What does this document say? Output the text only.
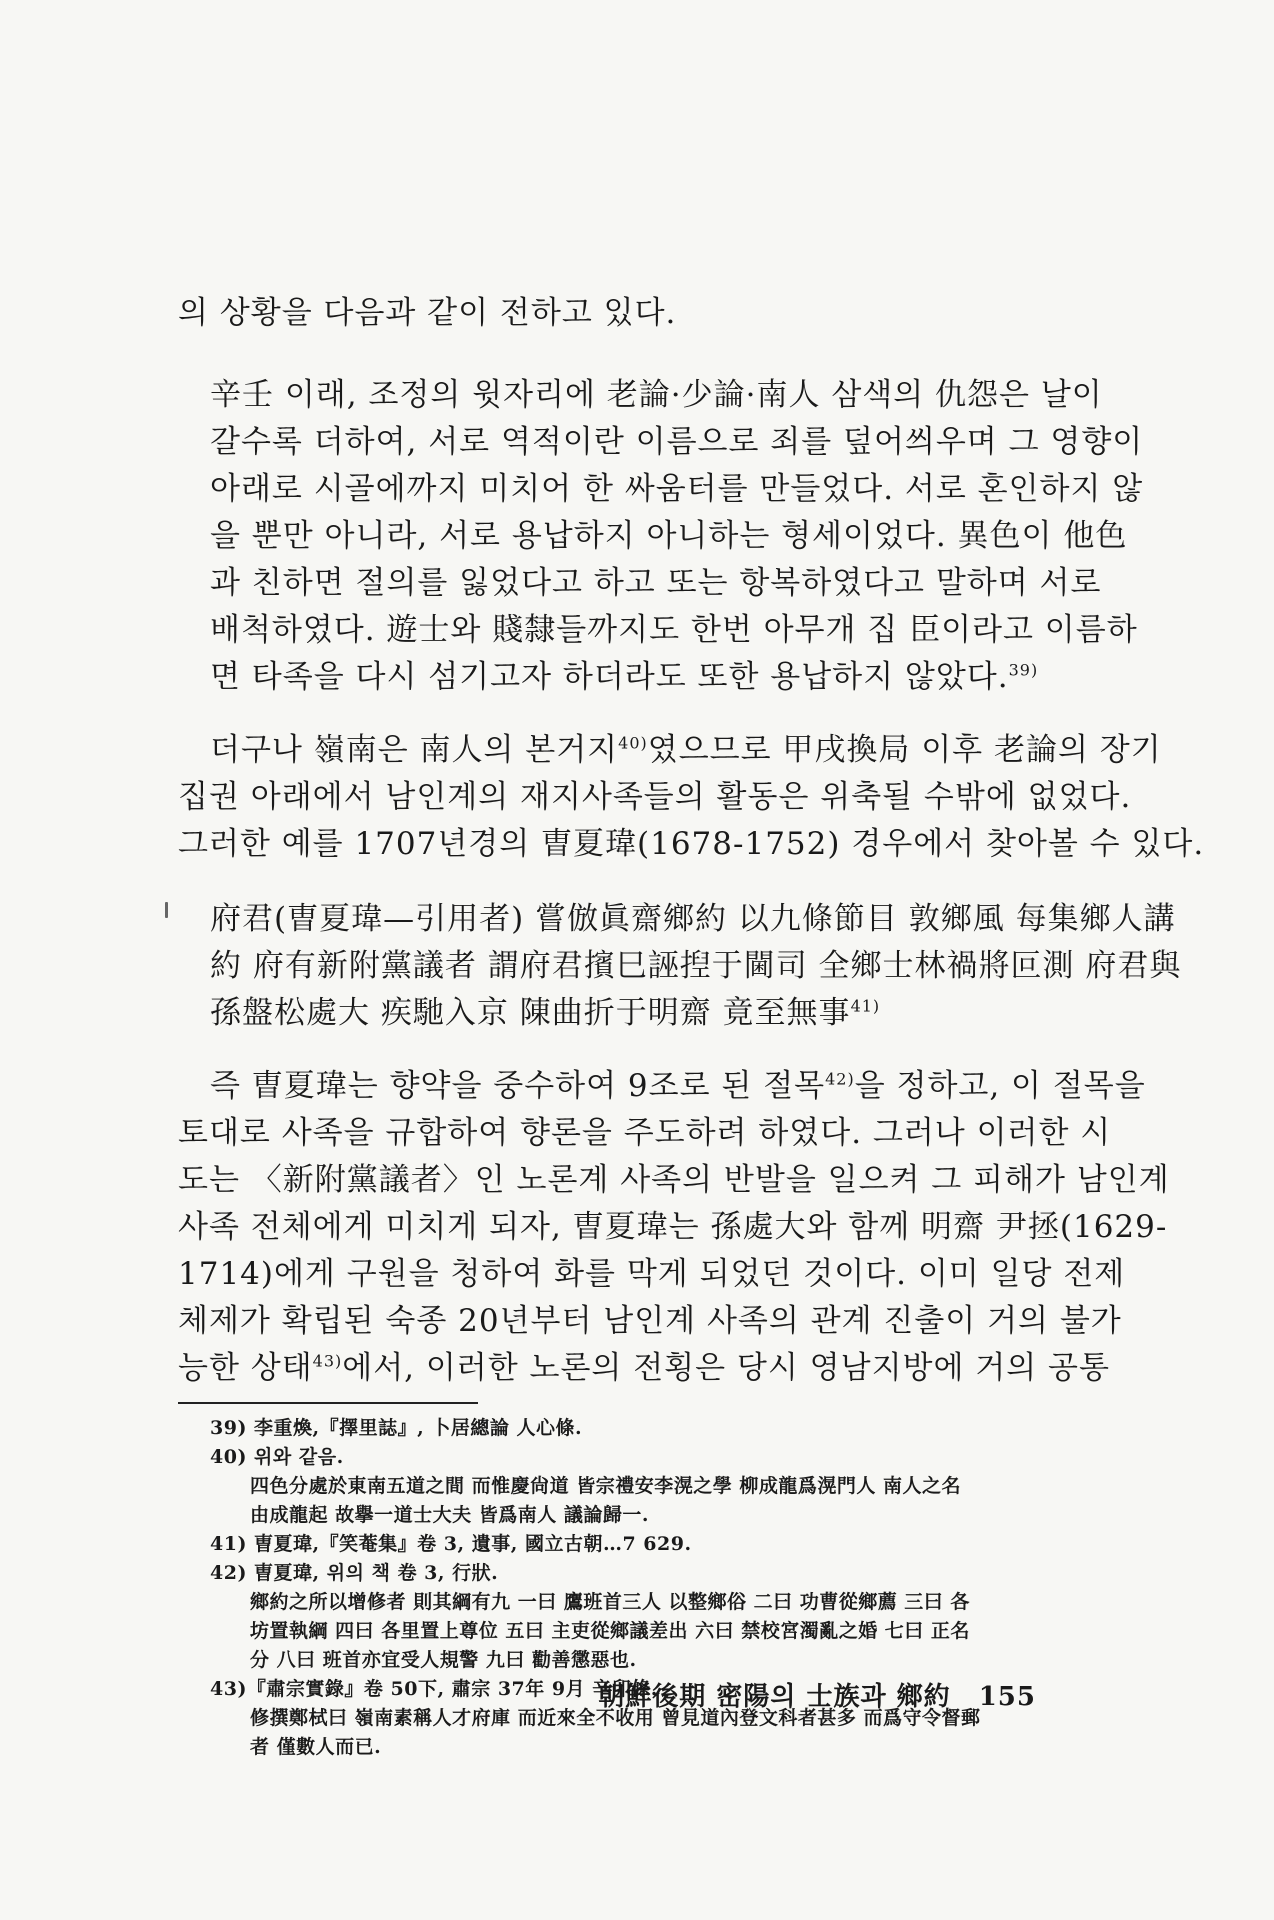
의 상황을 다음과 같이 전하고 있다.
辛壬 이래, 조정의 윗자리에 老論·少論·南人 삼색의 仇怨은 날이
갈수록 더하여, 서로 역적이란 이름으로 죄를 덮어씌우며 그 영향이
아래로 시골에까지 미치어 한 싸움터를 만들었다. 서로 혼인하지 않
을 뿐만 아니라, 서로 용납하지 아니하는 형세이었다. 異色이 他色
과 친하면 절의를 잃었다고 하고 또는 항복하였다고 말하며 서로
배척하였다. 遊士와 賤隸들까지도 한번 아무개 집 臣이라고 이름하
면 타족을 다시 섬기고자 하더라도 또한 용납하지 않았다.$^{39)}$
더구나 嶺南은 南人의 본거지$^{40)}$였으므로 甲戌換局 이후 老論의 장기
집권 아래에서 남인계의 재지사족들의 활동은 위축될 수밖에 없었다.
그러한 예를 1707년경의 曺夏瑋(1678-1752) 경우에서 찾아볼 수 있다.
府君(曺夏瑋—引用者) 嘗倣眞齋鄉約 以九條節目 敦鄉風 每集鄉人講
約 府有新附黨議者 謂府君擯巳誣揑于閫司 全鄉士林禍將叵測 府君與
孫盤松處大 疾馳入京 陳曲折于明齋 竟至無事$^{41)}$
즉 曺夏瑋는 향약을 중수하여 9조로 된 절목$^{42)}$을 정하고, 이 절목을
토대로 사족을 규합하여 향론을 주도하려 하였다. 그러나 이러한 시
도는 〈新附黨議者〉인 노론계 사족의 반발을 일으켜 그 피해가 남인계
사족 전체에게 미치게 되자, 曺夏瑋는 孫處大와 함께 明齋 尹拯(1629-
1714)에게 구원을 청하여 화를 막게 되었던 것이다. 이미 일당 전제
체제가 확립된 숙종 20년부터 남인계 사족의 관계 진출이 거의 불가
능한 상태$^{43)}$에서, 이러한 노론의 전횡은 당시 영남지방에 거의 공통
39) 李重煥,『擇里誌』, 卜居總論 人心條.
40) 위와 같음.
四色分處於東南五道之間 而惟慶尙道 皆宗禮安李滉之學 柳成龍爲滉門人 南人之名
由成龍起 故擧一道士大夫 皆爲南人 議論歸一.
41) 曺夏瑋,『笑菴集』卷 3, 遺事, 國立古朝…7 629.
42) 曺夏瑋, 위의 책 卷 3, 行狀.
鄉約之所以增修者 則其綱有九 一曰 鷹班首三人 以整鄉俗 二曰 功曹從鄉薦 三曰 各
坊置執綱 四曰 各里置上尊位 五曰 主吏從鄉議差出 六曰 禁校宮濁亂之婚 七曰 正名
分 八曰 班首亦宜受人規警 九曰 勸善懲惡也.
43)『肅宗實錄』卷 50下, 肅宗 37年 9月 辛卯條.
修撰鄭栻曰 嶺南素稱人才府庫 而近來全不收用 曾見道內登文科者甚多 而爲守令督郵
者 僅數人而已.
朝鮮後期 密陽의 士族과 鄉約 155
